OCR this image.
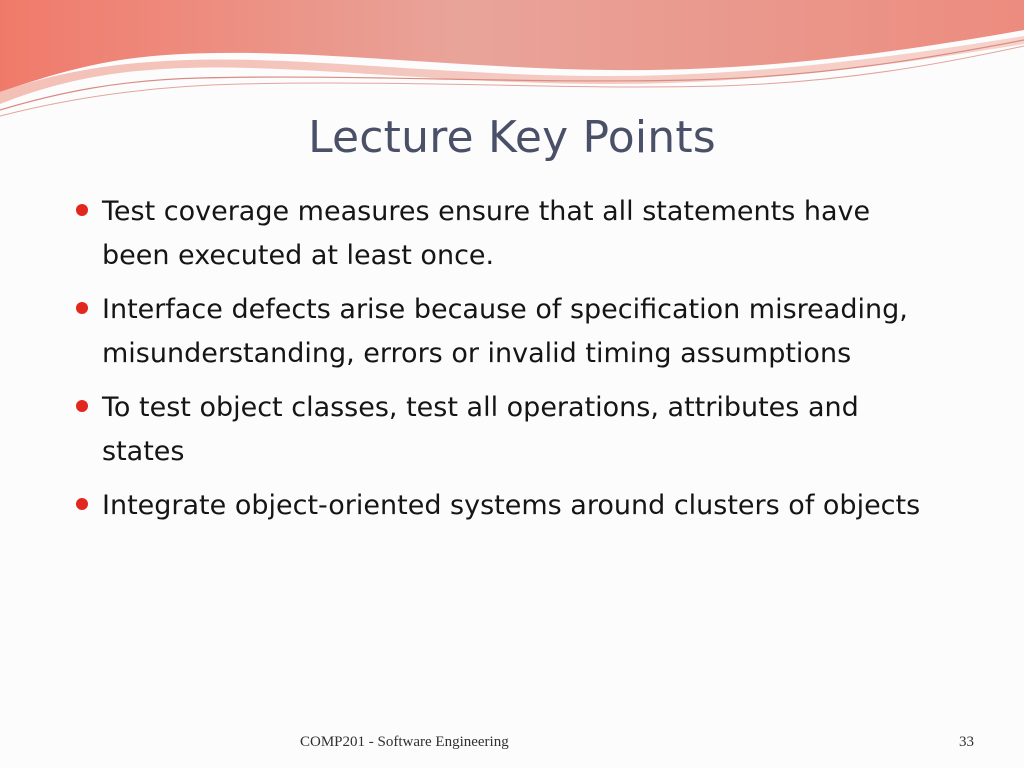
Lecture Key Points
Test coverage measures ensure that all statements have been executed at least once.
Interface defects arise because of specification misreading, misunderstanding, errors or invalid timing assumptions
To test object classes, test all operations, attributes and states
Integrate object-oriented systems around clusters of objects
COMP201 - Software Engineering	33
